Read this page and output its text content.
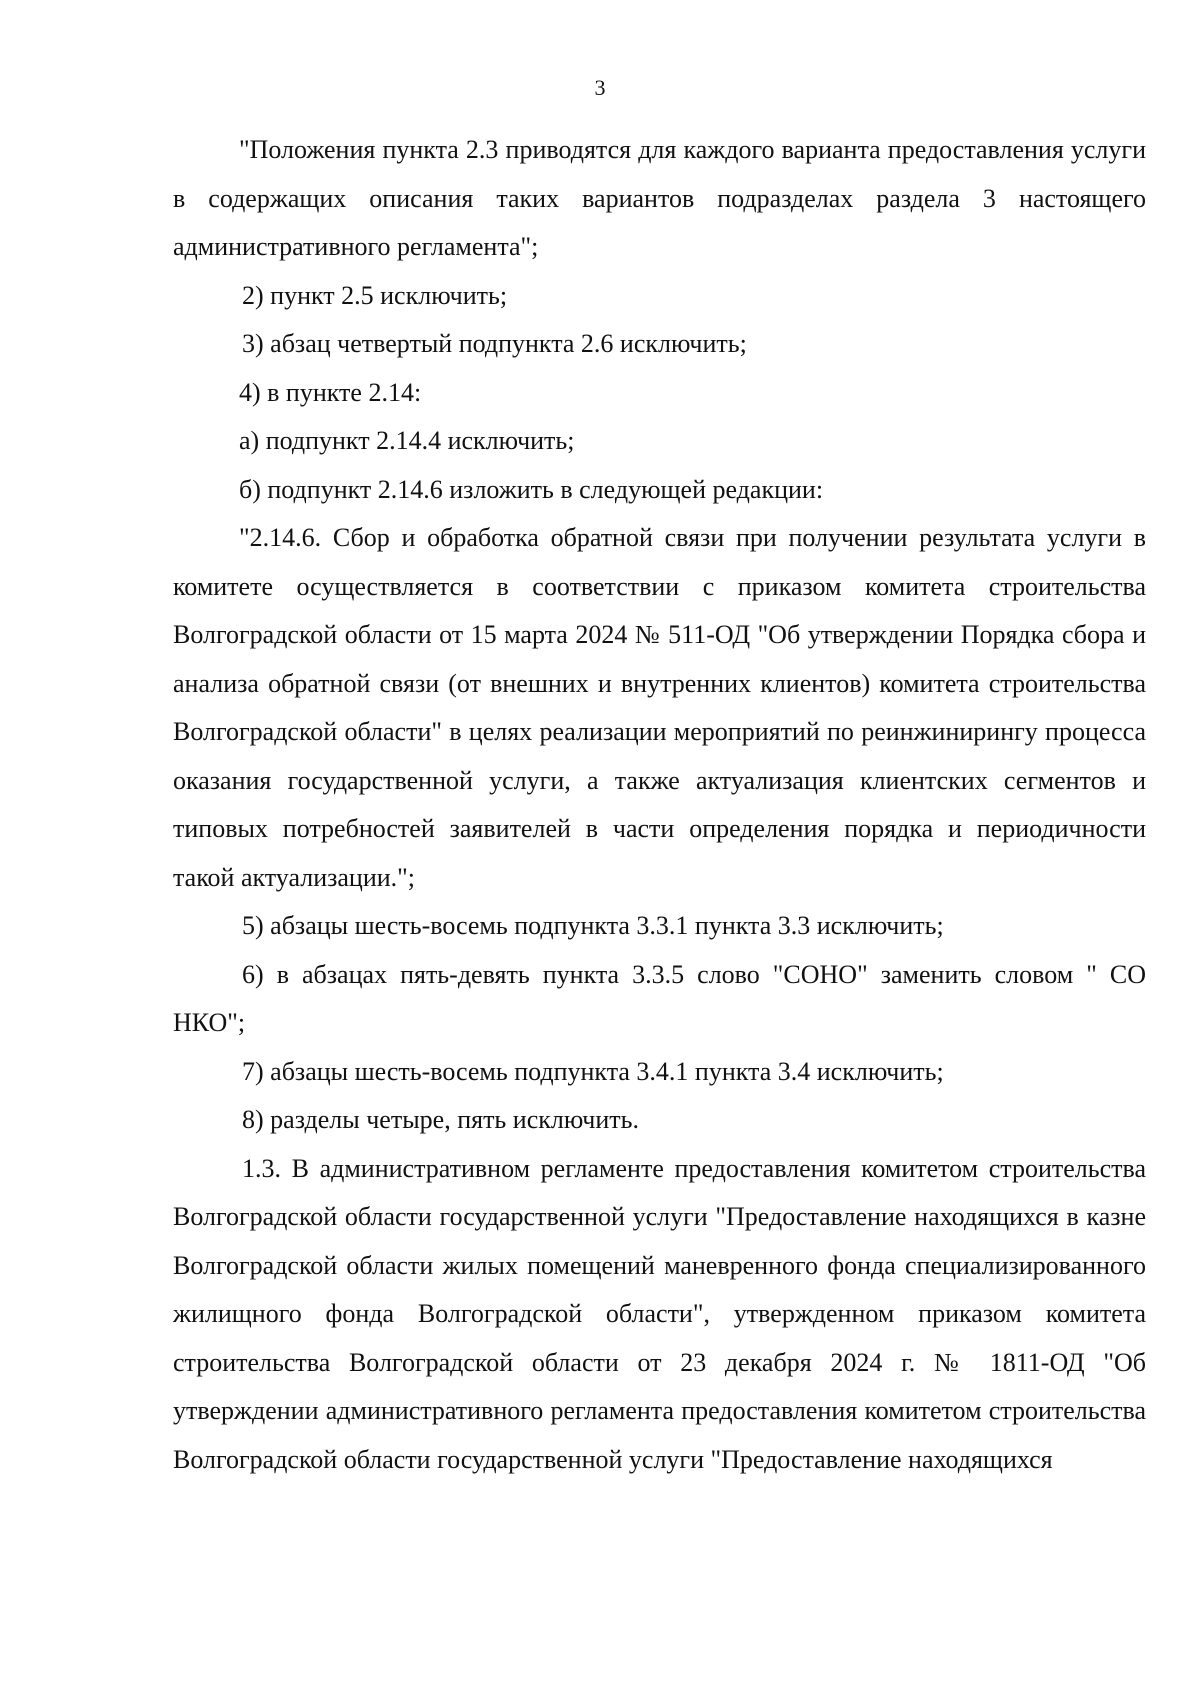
3

"Положения пункта 2.3 приводятся для каждого варианта предоставления услуги в содержащих описания таких вариантов подразделах раздела 3 настоящего административного регламента";

2) пункт 2.5 исключить;

3) абзац четвертый подпункта 2.6 исключить;

4) в пункте 2.14:

а) подпункт 2.14.4 исключить;

б) подпункт 2.14.6 изложить в следующей редакции:

"2.14.6. Сбор и обработка обратной связи при получении результата услуги в комитете осуществляется в соответствии с приказом комитета строительства Волгоградской области от 15 марта 2024 № 511-ОД "Об утверждении Порядка сбора и анализа обратной связи (от внешних и внутренних клиентов) комитета строительства Волгоградской области" в целях реализации мероприятий по реинжинирингу процесса оказания государственной услуги, а также актуализация клиентских сегментов и типовых потребностей заявителей в части определения порядка и периодичности такой актуализации.";

5) абзацы шесть-восемь подпункта 3.3.1 пункта 3.3 исключить;

6) в абзацах пять-девять пункта 3.3.5 слово "СОНО" заменить словом " СО НКО";

7) абзацы шесть-восемь подпункта 3.4.1 пункта 3.4 исключить;

8) разделы четыре, пять исключить.

1.3. В административном регламенте предоставления комитетом строительства Волгоградской области государственной услуги "Предоставление находящихся в казне Волгоградской области жилых помещений маневренного фонда специализированного жилищного фонда Волгоградской области", утвержденном приказом комитета строительства Волгоградской области от 23 декабря 2024 г. № 1811-ОД "Об утверждении административного регламента предоставления комитетом строительства Волгоградской области государственной услуги "Предоставление находящихся
